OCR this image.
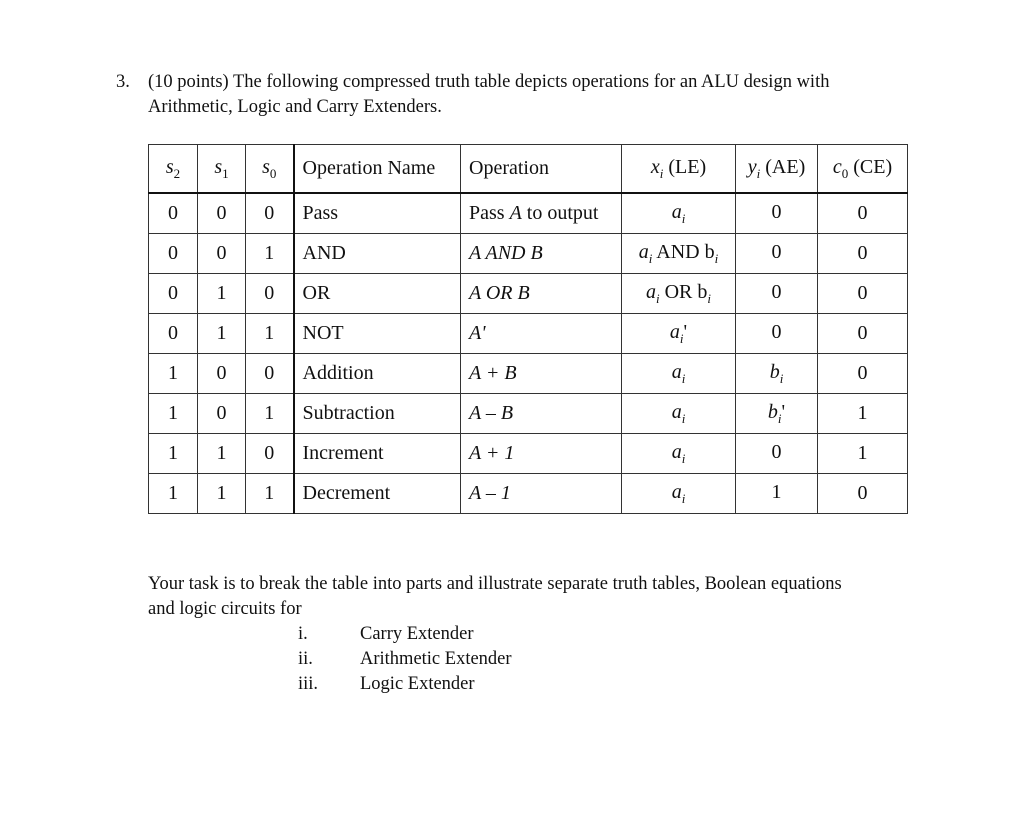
3. (10 points) The following compressed truth table depicts operations for an ALU design with Arithmetic, Logic and Carry Extenders.
$s_2$	$s_1$	$s_0$	Operation Name	Operation	$x_i$ (LE)	$y_i$ (AE)	$c_0$ (CE)
0	0	0	Pass	Pass A to output	$a_i$	0	0
0	0	1	AND	A AND B	$a_i$ AND $b_i$	0	0
0	1	0	OR	A OR B	$a_i$ OR $b_i$	0	0
0	1	1	NOT	A'	$a_i'$	0	0
1	0	0	Addition	A + B	$a_i$	$b_i$	0
1	0	1	Subtraction	A – B	$a_i$	$b_i'$	1
1	1	0	Increment	A + 1	$a_i$	0	1
1	1	1	Decrement	A – 1	$a_i$	1	0
Your task is to break the table into parts and illustrate separate truth tables, Boolean equations and logic circuits for
i.	Carry Extender
ii.	Arithmetic Extender
iii. Logic Extender
